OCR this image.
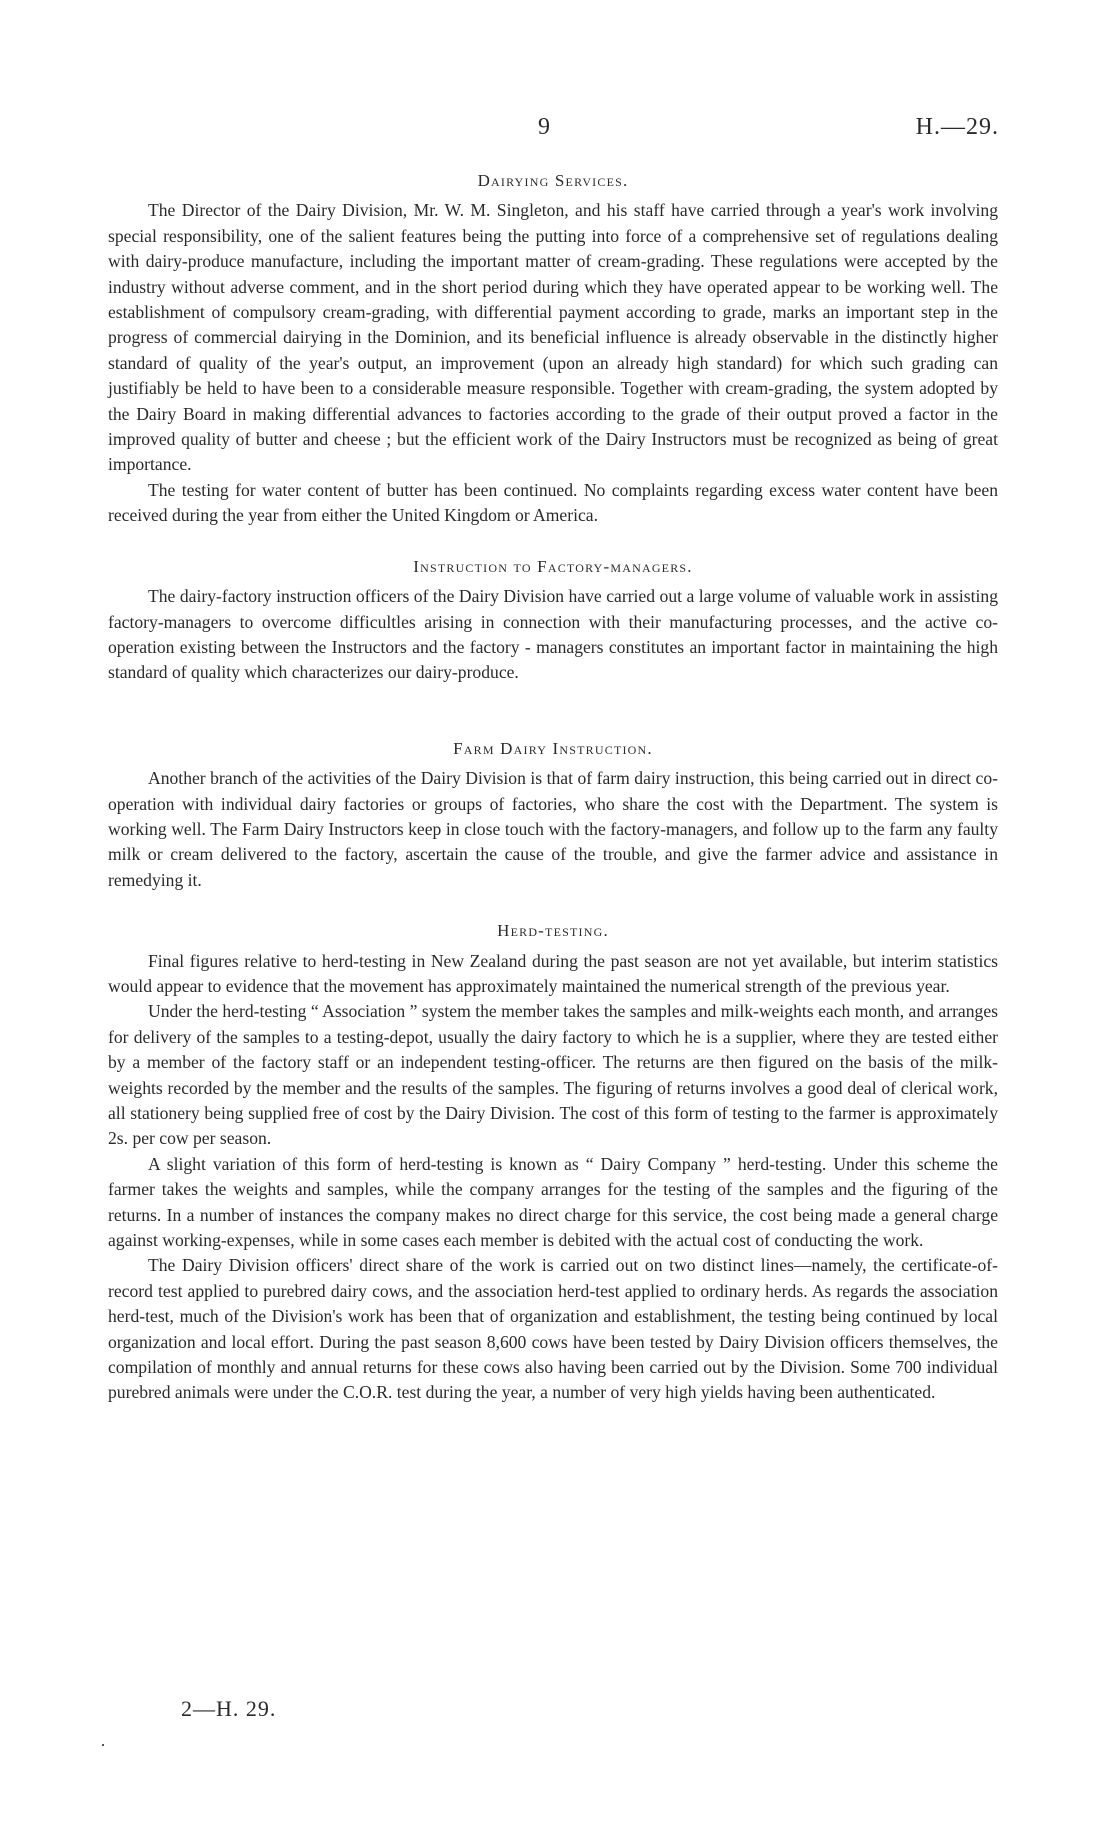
9	H.—29.
Dairying Services.

The Director of the Dairy Division, Mr. W. M. Singleton, and his staff have carried through a year's work involving special responsibility, one of the salient features being the putting into force of a comprehensive set of regulations dealing with dairy-produce manufacture, including the important matter of cream-grading. These regulations were accepted by the industry without adverse comment, and in the short period during which they have operated appear to be working well. The establishment of compulsory cream-grading, with differential payment according to grade, marks an important step in the progress of commercial dairying in the Dominion, and its beneficial influence is already observable in the distinctly higher standard of quality of the year's output, an improvement (upon an already high standard) for which such grading can justifiably be held to have been to a considerable measure responsible. Together with cream-grading, the system adopted by the Dairy Board in making differential advances to factories according to the grade of their output proved a factor in the improved quality of butter and cheese ; but the efficient work of the Dairy Instructors must be recognized as being of great importance.

The testing for water content of butter has been continued. No complaints regarding excess water content have been received during the year from either the United Kingdom or America.

Instruction to Factory-managers.

The dairy-factory instruction officers of the Dairy Division have carried out a large volume of valuable work in assisting factory-managers to overcome difficultles arising in connection with their manufacturing processes, and the active co-operation existing between the Instructors and the factory - managers constitutes an important factor in maintaining the high standard of quality which characterizes our dairy-produce.

Farm Dairy Instruction.

Another branch of the activities of the Dairy Division is that of farm dairy instruction, this being carried out in direct co-operation with individual dairy factories or groups of factories, who share the cost with the Department. The system is working well. The Farm Dairy Instructors keep in close touch with the factory-managers, and follow up to the farm any faulty milk or cream delivered to the factory, ascertain the cause of the trouble, and give the farmer advice and assistance in remedying it.

Herd-testing.

Final figures relative to herd-testing in New Zealand during the past season are not yet available, but interim statistics would appear to evidence that the movement has approximately maintained the numerical strength of the previous year.

Under the herd-testing “ Association ” system the member takes the samples and milk-weights each month, and arranges for delivery of the samples to a testing-depot, usually the dairy factory to which he is a supplier, where they are tested either by a member of the factory staff or an independent testing-officer. The returns are then figured on the basis of the milk-weights recorded by the member and the results of the samples. The figuring of returns involves a good deal of clerical work, all stationery being supplied free of cost by the Dairy Division. The cost of this form of testing to the farmer is approximately 2s. per cow per season.

A slight variation of this form of herd-testing is known as “ Dairy Company ” herd-testing. Under this scheme the farmer takes the weights and samples, while the company arranges for the testing of the samples and the figuring of the returns. In a number of instances the company makes no direct charge for this service, the cost being made a general charge against working-expenses, while in some cases each member is debited with the actual cost of conducting the work.

The Dairy Division officers' direct share of the work is carried out on two distinct lines—namely, the certificate-of-record test applied to purebred dairy cows, and the association herd-test applied to ordinary herds. As regards the association herd-test, much of the Division's work has been that of organization and establishment, the testing being continued by local organization and local effort. During the past season 8,600 cows have been tested by Dairy Division officers themselves, the compilation of monthly and annual returns for these cows also having been carried out by the Division. Some 700 individual purebred animals were under the C.O.R. test during the year, a number of very high yields having been authenticated.

2—H. 29.
